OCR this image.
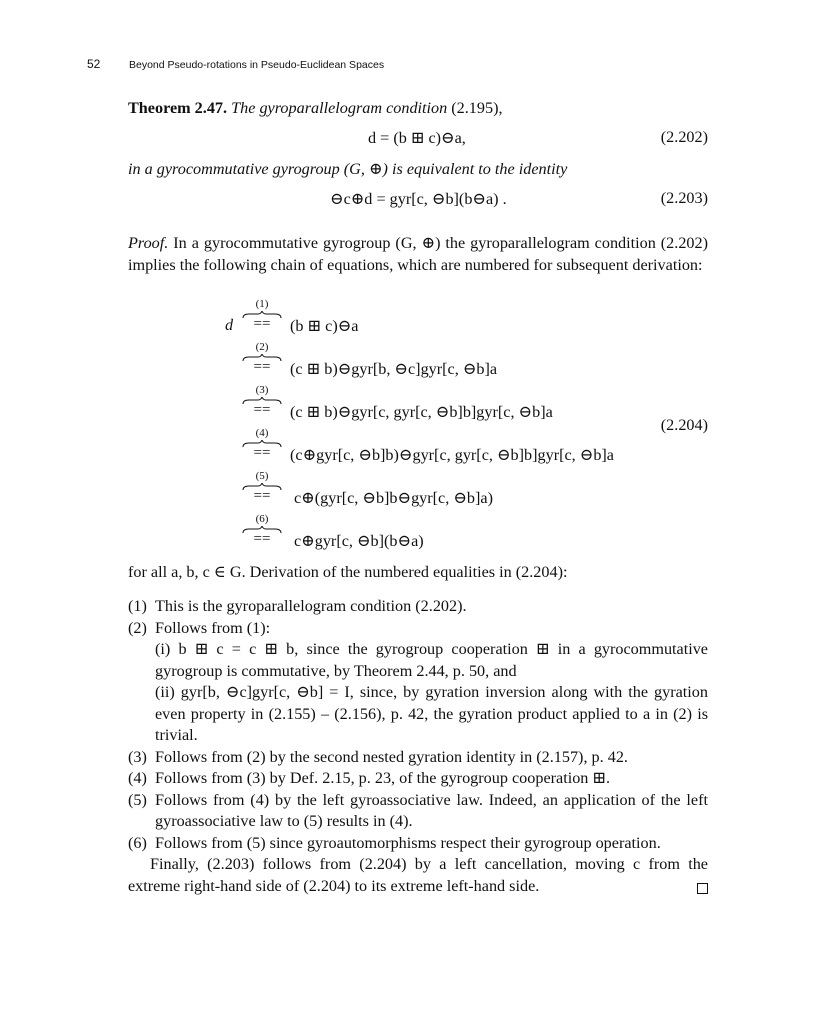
52	Beyond Pseudo-rotations in Pseudo-Euclidean Spaces
Theorem 2.47. The gyroparallelogram condition (2.195),
d = (b ⊞ c)⊖a,	(2.202)
in a gyrocommutative gyrogroup (G, ⊕) is equivalent to the identity
⊖c⊕d = gyr[c, ⊖b](b⊖a) .	(2.203)
Proof. In a gyrocommutative gyrogroup (G, ⊕) the gyroparallelogram condition (2.202) implies the following chain of equations, which are numbered for subsequent derivation:
d
(1)
==	(b ⊞ c)⊖a
(2)
==	(c ⊞ b)⊖gyr[b, ⊖c]gyr[c, ⊖b]a
(3)
==	(c ⊞ b)⊖gyr[c, gyr[c, ⊖b]b]gyr[c, ⊖b]a
(4)
==	(c⊕gyr[c, ⊖b]b)⊖gyr[c, gyr[c, ⊖b]b]gyr[c, ⊖b]a
(5)
==	c⊕(gyr[c, ⊖b]b⊖gyr[c, ⊖b]a)
(6)
==	c⊕gyr[c, ⊖b](b⊖a)
(2.204)
for all a, b, c ∈ G. Derivation of the numbered equalities in (2.204):
(1) This is the gyroparallelogram condition (2.202).
(2) Follows from (1):
(i) b ⊞ c = c ⊞ b, since the gyrogroup cooperation ⊞ in a gyrocommutative gyrogroup is commutative, by Theorem 2.44, p. 50, and
(ii) gyr[b, ⊖c]gyr[c, ⊖b] = I, since, by gyration inversion along with the gyration even property in (2.155) – (2.156), p. 42, the gyration product applied to a in (2) is trivial.
(3) Follows from (2) by the second nested gyration identity in (2.157), p. 42.
(4) Follows from (3) by Def. 2.15, p. 23, of the gyrogroup cooperation ⊞.
(5) Follows from (4) by the left gyroassociative law. Indeed, an application of the left gyroassociative law to (5) results in (4).
(6) Follows from (5) since gyroautomorphisms respect their gyrogroup operation.
Finally, (2.203) follows from (2.204) by a left cancellation, moving c from the extreme right-hand side of (2.204) to its extreme left-hand side.
